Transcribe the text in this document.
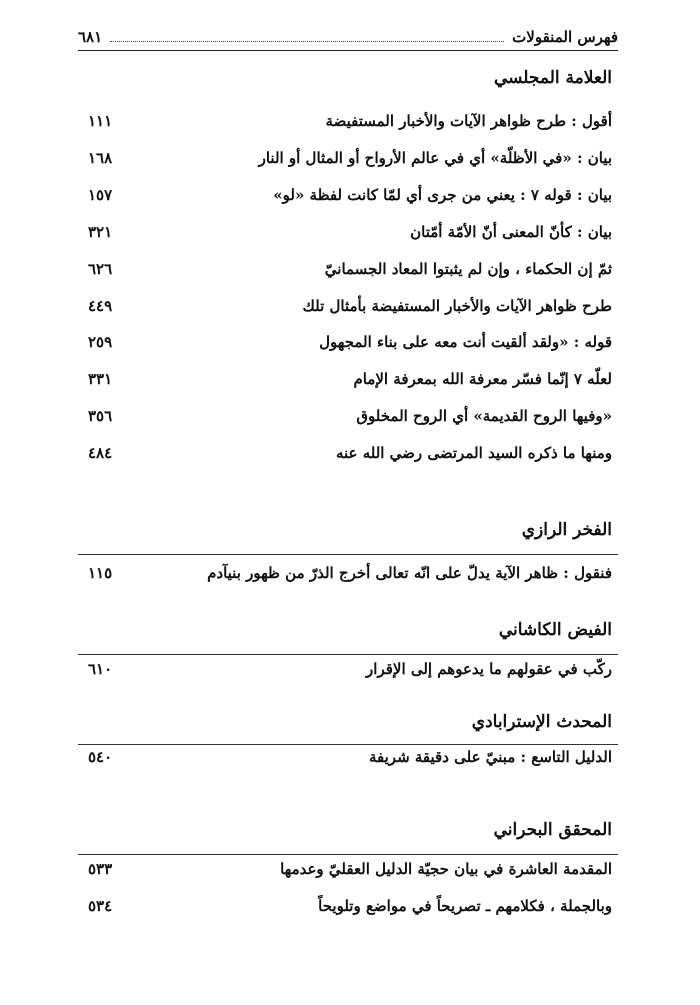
فهرس المنقولات
٦٨١
العلامة المجلسي
أقول : طرح ظواهر الآيات والأخبار المستفيضة
١١١
بيان : «في الأظلّة» أي في عالم الأرواح أو المثال أو النار
١٦٨
بيان : قوله ٧ : يعني من جرى أي لمّا كانت لفظة «لو»
١٥٧
بيان : كأنّ المعنى أنّ الأمّة أمّتان
٣٢١
ثمّ إن الحكماء ، وإن لم يثبتوا المعاد الجسمانيّ
٦٢٦
طرح ظواهر الآيات والأخبار المستفيضة بأمثال تلك
٤٤٩
قوله : «ولقد ألقيت أنت معه على بناء المجهول
٢٥٩
لعلّه ٧ إنّما فسّر معرفة الله بمعرفة الإمام
٣٣١
«وفيها الروح القديمة» أي الروح المخلوق
٣٥٦
ومنها ما ذكره السيد المرتضى رضي الله عنه
٤٨٤
الفخر الرازي
فنقول : ظاهر الآية يدلّ على انّه تعالى أخرج الذرّ من ظهور بنيآدم
١١٥
الفيض الكاشاني
ركّب في عقولهم ما يدعوهم إلى الإقرار
٦١٠
المحدث الإسترابادي
الدليل التاسع : مبنيّ على دقيقة شريفة
٥٤٠
المحقق البحراني
المقدمة العاشرة في بيان حجيّة الدليل العقليّ وعدمها
٥٣٣
وبالجملة ، فكلامهم ـ تصريحاً في مواضع وتلويحاً
٥٣٤
